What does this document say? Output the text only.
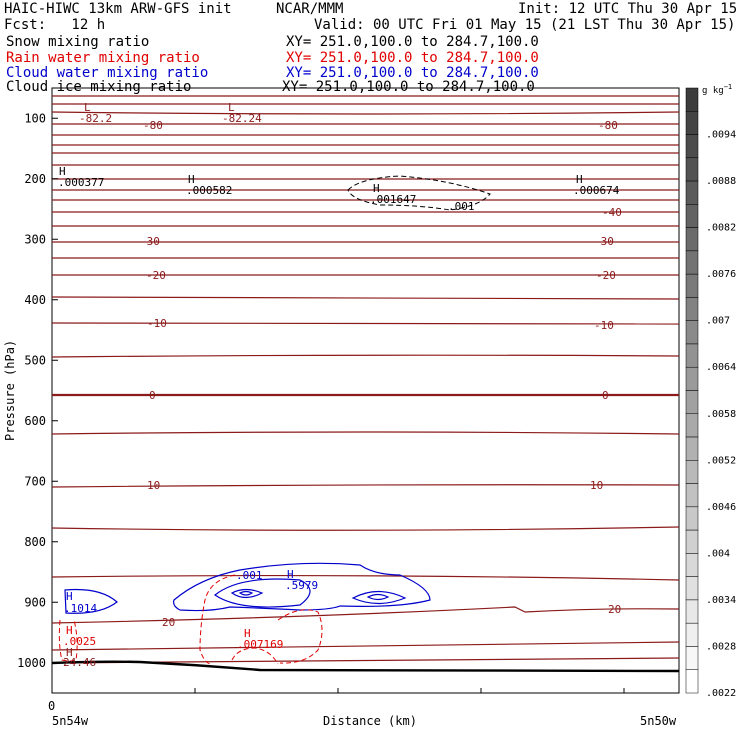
HAIC-HIWC 13km ARW-GFS init	NCAR/MMM	Init: 12 UTC Thu 30 Apr 15
Fcst:   12 h	Valid: 00 UTC Fri 01 May 15 (21 LST Thu 30 Apr 15)
Snow mixing ratio	XY= 251.0,100.0 to 284.7,100.0
Rain water mixing ratio	XY= 251.0,100.0 to 284.7,100.0
Cloud water mixing ratio	XY= 251.0,100.0 to 284.7,100.0
Cloud ice mixing ratio	XY= 251.0,100.0 to 284.7,100.0
100
200
300
400
500
600
700
800
900
1000
Pressure (hPa)
0
Distance (km)
5n54w	5n50w
-80	-80
-40
-30	-30
-20	-20
-10	-10
0	0
10	10
20
20
L
-82.2
L
-82.24
H
.000377	H
.000582	H
.001647
.001
H
.000674
H
.1014
.001 H
.5979
H
.0025
H
.007169
H
24.46
.0094
.0088
.0082
.0076
.007
.0064
.0058
.0052
.0046
.004
.0034
.0028
.0022
g $kg^{-1}$
